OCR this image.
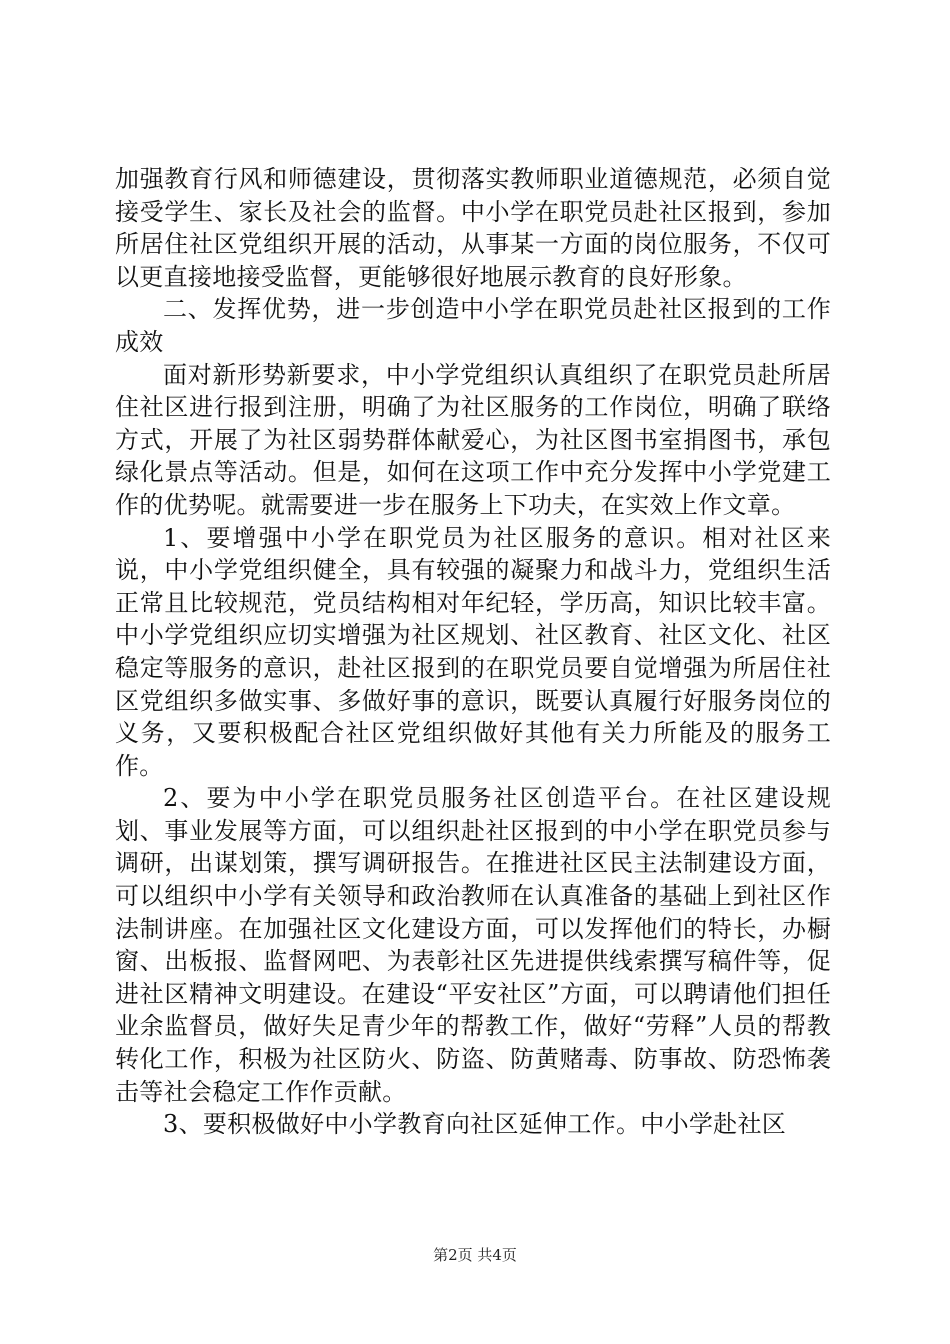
加强教育行风和师德建设，贯彻落实教师职业道德规范，必须自觉接受学生、家长及社会的监督。中小学在职党员赴社区报到，参加所居住社区党组织开展的活动，从事某一方面的岗位服务，不仅可以更直接地接受监督，更能够很好地展示教育的良好形象。

二、发挥优势，进一步创造中小学在职党员赴社区报到的工作成效

面对新形势新要求，中小学党组织认真组织了在职党员赴所居住社区进行报到注册，明确了为社区服务的工作岗位，明确了联络方式，开展了为社区弱势群体献爱心，为社区图书室捐图书，承包绿化景点等活动。但是，如何在这项工作中充分发挥中小学党建工作的优势呢。就需要进一步在服务上下功夫，在实效上作文章。

1、要增强中小学在职党员为社区服务的意识。相对社区来说，中小学党组织健全，具有较强的凝聚力和战斗力，党组织生活正常且比较规范，党员结构相对年纪轻，学历高，知识比较丰富。中小学党组织应切实增强为社区规划、社区教育、社区文化、社区稳定等服务的意识，赴社区报到的在职党员要自觉增强为所居住社区党组织多做实事、多做好事的意识，既要认真履行好服务岗位的义务，又要积极配合社区党组织做好其他有关力所能及的服务工作。

2、要为中小学在职党员服务社区创造平台。在社区建设规划、事业发展等方面，可以组织赴社区报到的中小学在职党员参与调研，出谋划策，撰写调研报告。在推进社区民主法制建设方面，可以组织中小学有关领导和政治教师在认真准备的基础上到社区作法制讲座。在加强社区文化建设方面，可以发挥他们的特长，办橱窗、出板报、监督网吧、为表彰社区先进提供线索撰写稿件等，促进社区精神文明建设。在建设“平安社区”方面，可以聘请他们担任业余监督员，做好失足青少年的帮教工作，做好“劳释”人员的帮教转化工作，积极为社区防火、防盗、防黄赌毒、防事故、防恐怖袭击等社会稳定工作作贡献。

3、要积极做好中小学教育向社区延伸工作。中小学赴社区

第2页 共4页
